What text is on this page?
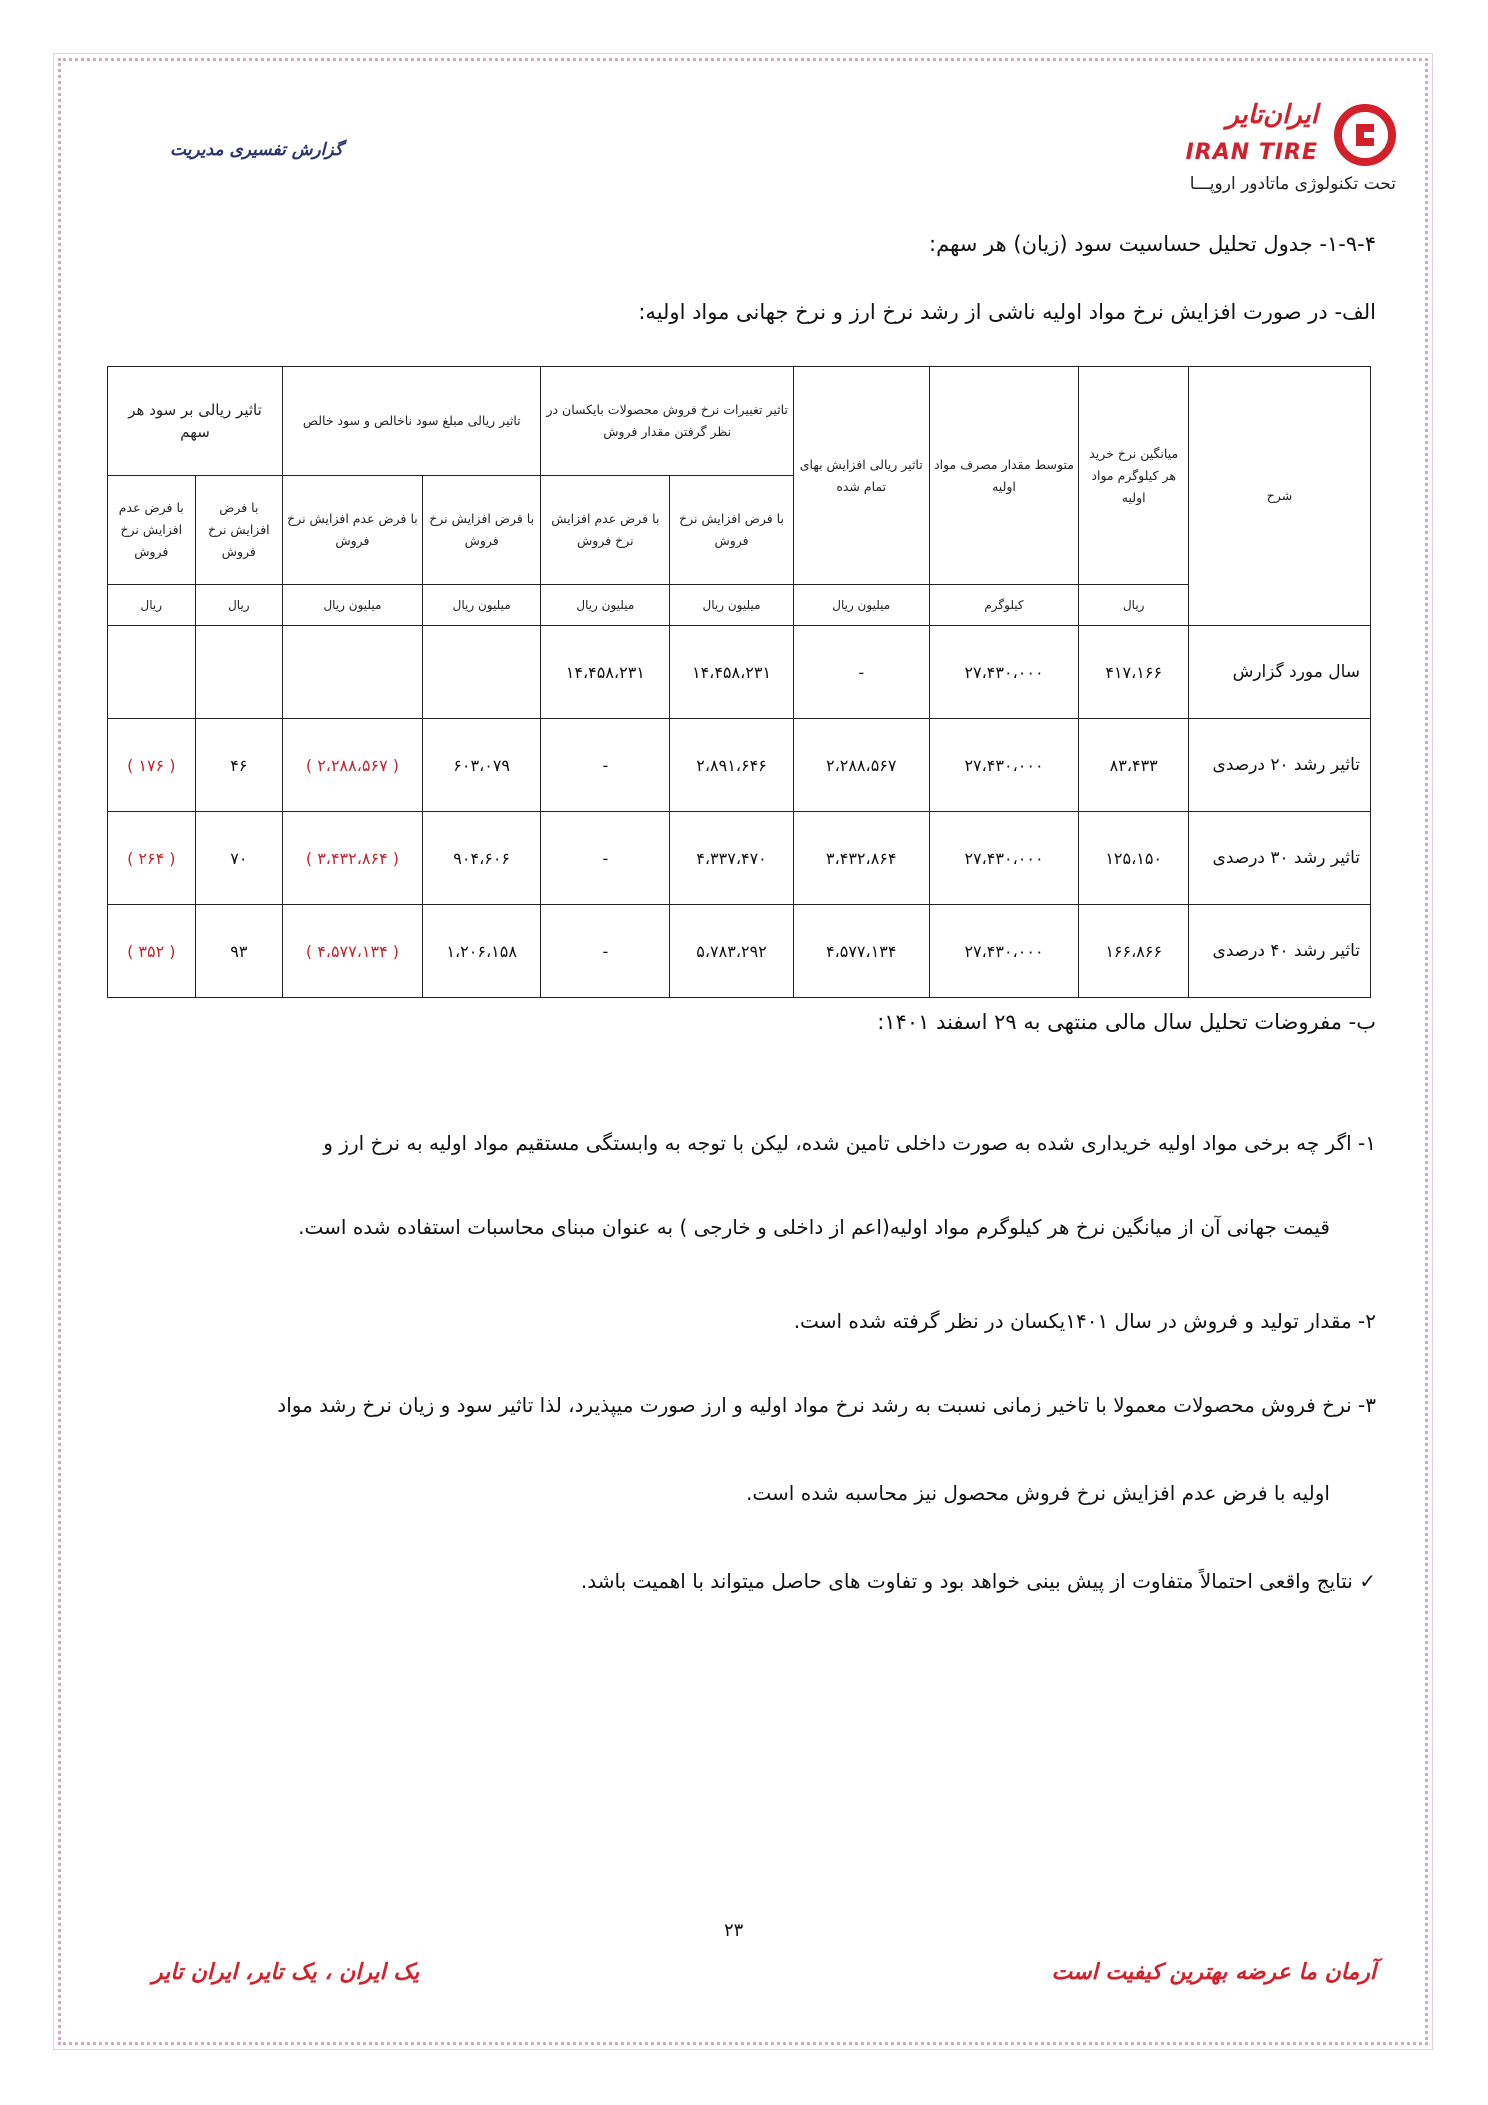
گزارش تفسیری مدیریت
ایران‌تایر
IRAN TIRE
تحت تکنولوژی ماتادور اروپـــا
۱-۹-۴- جدول تحلیل حساسیت سود (زیان) هر سهم:
الف- در صورت افزایش نرخ مواد اولیه ناشی از رشد نرخ ارز و نرخ جهانی مواد اولیه:
شرح	میانگین نرخ خرید هر کیلوگرم مواد اولیه	متوسط مقدار مصرف مواد اولیه	تاثیر ریالی افزایش بهای تمام شده	تاثیر تغییرات نرخ فروش محصولات بایکسان در نظر گرفتن مقدار فروش		تاثیر ریالی مبلغ سود ناخالص و سود خالص		تاثیر ریالی بر سود هر سهم	
				با فرض افزایش نرخ فروش	با فرض عدم افزایش نرخ فروش	با فرض افزایش نرخ فروش	با فرض عدم افزایش نرخ فروش	با فرض افزایش نرخ فروش	با فرض عدم افزایش نرخ فروش
	ریال	کیلوگرم	میلیون ریال	میلیون ریال	میلیون ریال	میلیون ریال	میلیون ریال	ریال	ریال
سال مورد گزارش	۴۱۷،۱۶۶	۲۷،۴۳۰،۰۰۰	-	۱۴،۴۵۸،۲۳۱	۱۴،۴۵۸،۲۳۱				
تاثیر رشد ۲۰ درصدی	۸۳،۴۳۳	۲۷،۴۳۰،۰۰۰	۲،۲۸۸،۵۶۷	۲،۸۹۱،۶۴۶	-	۶۰۳،۰۷۹	( ۲،۲۸۸،۵۶۷ )	۴۶	( ۱۷۶ )
تاثیر رشد ۳۰ درصدی	۱۲۵،۱۵۰	۲۷،۴۳۰،۰۰۰	۳،۴۳۲،۸۶۴	۴،۳۳۷،۴۷۰	-	۹۰۴،۶۰۶	( ۳،۴۳۲،۸۶۴ )	۷۰	( ۲۶۴ )
تاثیر رشد ۴۰ درصدی	۱۶۶،۸۶۶	۲۷،۴۳۰،۰۰۰	۴،۵۷۷،۱۳۴	۵،۷۸۳،۲۹۲	-	۱،۲۰۶،۱۵۸	( ۴،۵۷۷،۱۳۴ )	۹۳	( ۳۵۲ )
ب- مفروضات تحلیل سال مالی منتهی به ۲۹ اسفند ۱۴۰۱:
۱- اگر چه برخی مواد اولیه خریداری شده به صورت داخلی تامین شده، لیکن با توجه به وابستگی مستقیم مواد اولیه به نرخ ارز و
قیمت جهانی آن از میانگین نرخ هر کیلوگرم مواد اولیه(اعم از داخلی و خارجی ) به عنوان مبنای محاسبات استفاده شده است.
۲- مقدار تولید و فروش در سال ۱۴۰۱یکسان در نظر گرفته شده است.
۳- نرخ فروش محصولات معمولا با تاخیر زمانی نسبت به رشد نرخ مواد اولیه و ارز صورت میپذیرد، لذا تاثیر سود و زیان نرخ رشد مواد
اولیه با فرض عدم افزایش نرخ فروش محصول نیز محاسبه شده است.
✓ نتایج واقعی احتمالاً متفاوت از پیش بینی خواهد بود و تفاوت های حاصل میتواند با اهمیت باشد.
۲۳
آرمان ما عرضه بهترین کیفیت است
یک ایران ، یک تایر، ایران تایر
